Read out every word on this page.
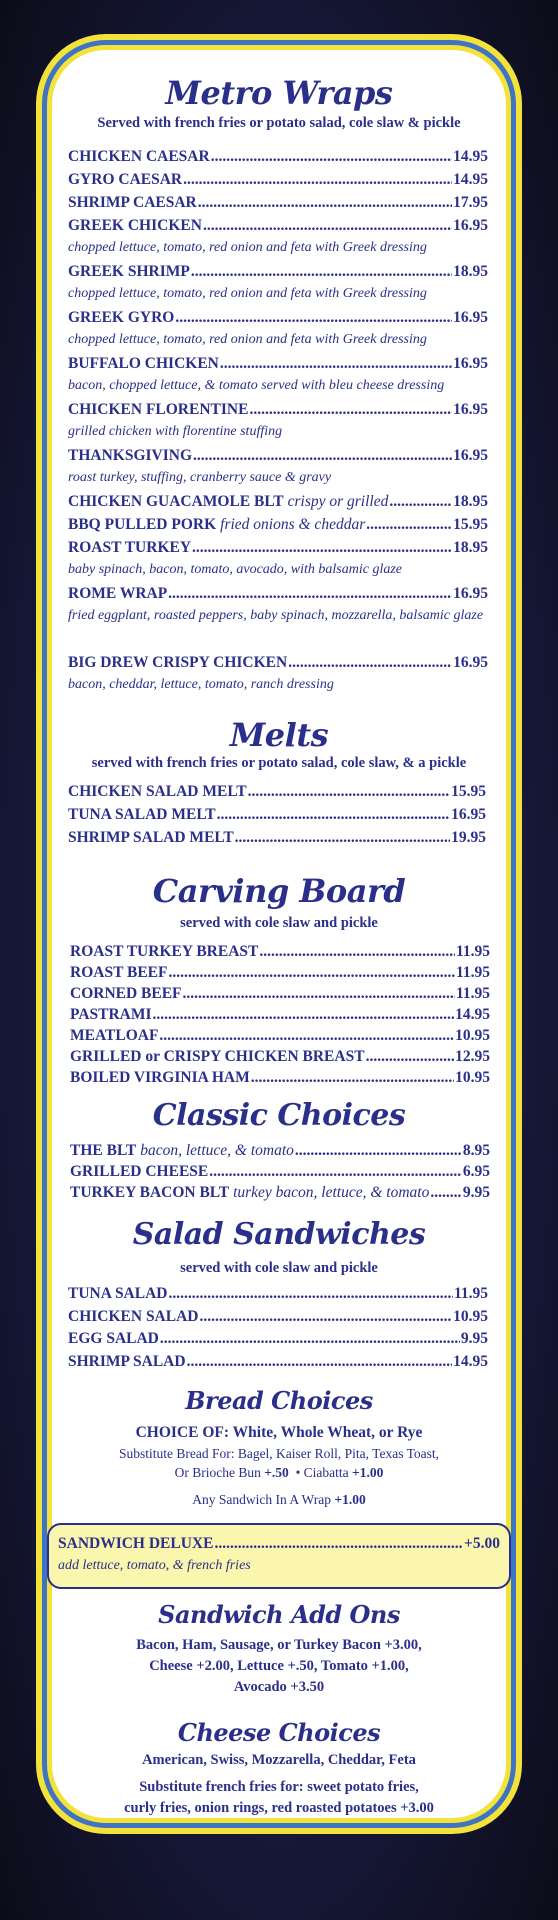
Metro Wraps
Served with french fries or potato salad, cole slaw & pickle
CHICKEN CAESAR .....	14.95
GYRO CAESAR .....	14.95
SHRIMP CAESAR .....	17.95
GREEK CHICKEN .....	16.95
chopped lettuce, tomato, red onion and feta with Greek dressing
GREEK SHRIMP .....	18.95
chopped lettuce, tomato, red onion and feta with Greek dressing
GREEK GYRO .....	16.95
chopped lettuce, tomato, red onion and feta with Greek dressing
BUFFALO CHICKEN .....	16.95
bacon, chopped lettuce, & tomato served with bleu cheese dressing
CHICKEN FLORENTINE .....	16.95
grilled chicken with florentine stuffing
THANKSGIVING .....	16.95
roast turkey, stuffing, cranberry sauce & gravy
CHICKEN GUACAMOLE BLT crispy or grilled .....	18.95
BBQ PULLED PORK fried onions & cheddar .....	15.95
ROAST TURKEY .....	18.95
baby spinach, bacon, tomato, avocado, with balsamic glaze
ROME WRAP .....	16.95
fried eggplant, roasted peppers, baby spinach, mozzarella, balsamic glaze
BIG DREW CRISPY CHICKEN .....	16.95
bacon, cheddar, lettuce, tomato, ranch dressing
Melts
served with french fries or potato salad, cole slaw, & a pickle
CHICKEN SALAD MELT .....	15.95
TUNA SALAD MELT .....	16.95
SHRIMP SALAD MELT .....	19.95
Carving Board
served with cole slaw and pickle
ROAST TURKEY BREAST .....	11.95
ROAST BEEF .....	11.95
CORNED BEEF .....	11.95
PASTRAMI .....	14.95
MEATLOAF .....	10.95
GRILLED or CRISPY CHICKEN BREAST .....	12.95
BOILED VIRGINIA HAM .....	10.95
Classic Choices
THE BLT bacon, lettuce, & tomato .....	8.95
GRILLED CHEESE .....	6.95
TURKEY BACON BLT turkey bacon, lettuce, & tomato ..... 9.95
Salad Sandwiches
served with cole slaw and pickle
TUNA SALAD .....	11.95
CHICKEN SALAD .....	10.95
EGG SALAD .....	9.95
SHRIMP SALAD .....	14.95
Bread Choices
CHOICE OF: White, Whole Wheat, or Rye
Substitute Bread For: Bagel, Kaiser Roll, Pita, Texas Toast,
Or Brioche Bun +.50 • Ciabatta +1.00
Any Sandwich In A Wrap +1.00
SANDWICH DELUXE .....	+5.00
add lettuce, tomato, & french fries
Sandwich Add Ons
Bacon, Ham, Sausage, or Turkey Bacon +3.00,
Cheese +2.00, Lettuce +.50, Tomato +1.00,
Avocado +3.50
Cheese Choices
American, Swiss, Mozzarella, Cheddar, Feta
Substitute french fries for: sweet potato fries,
curly fries, onion rings, red roasted potatoes +3.00
